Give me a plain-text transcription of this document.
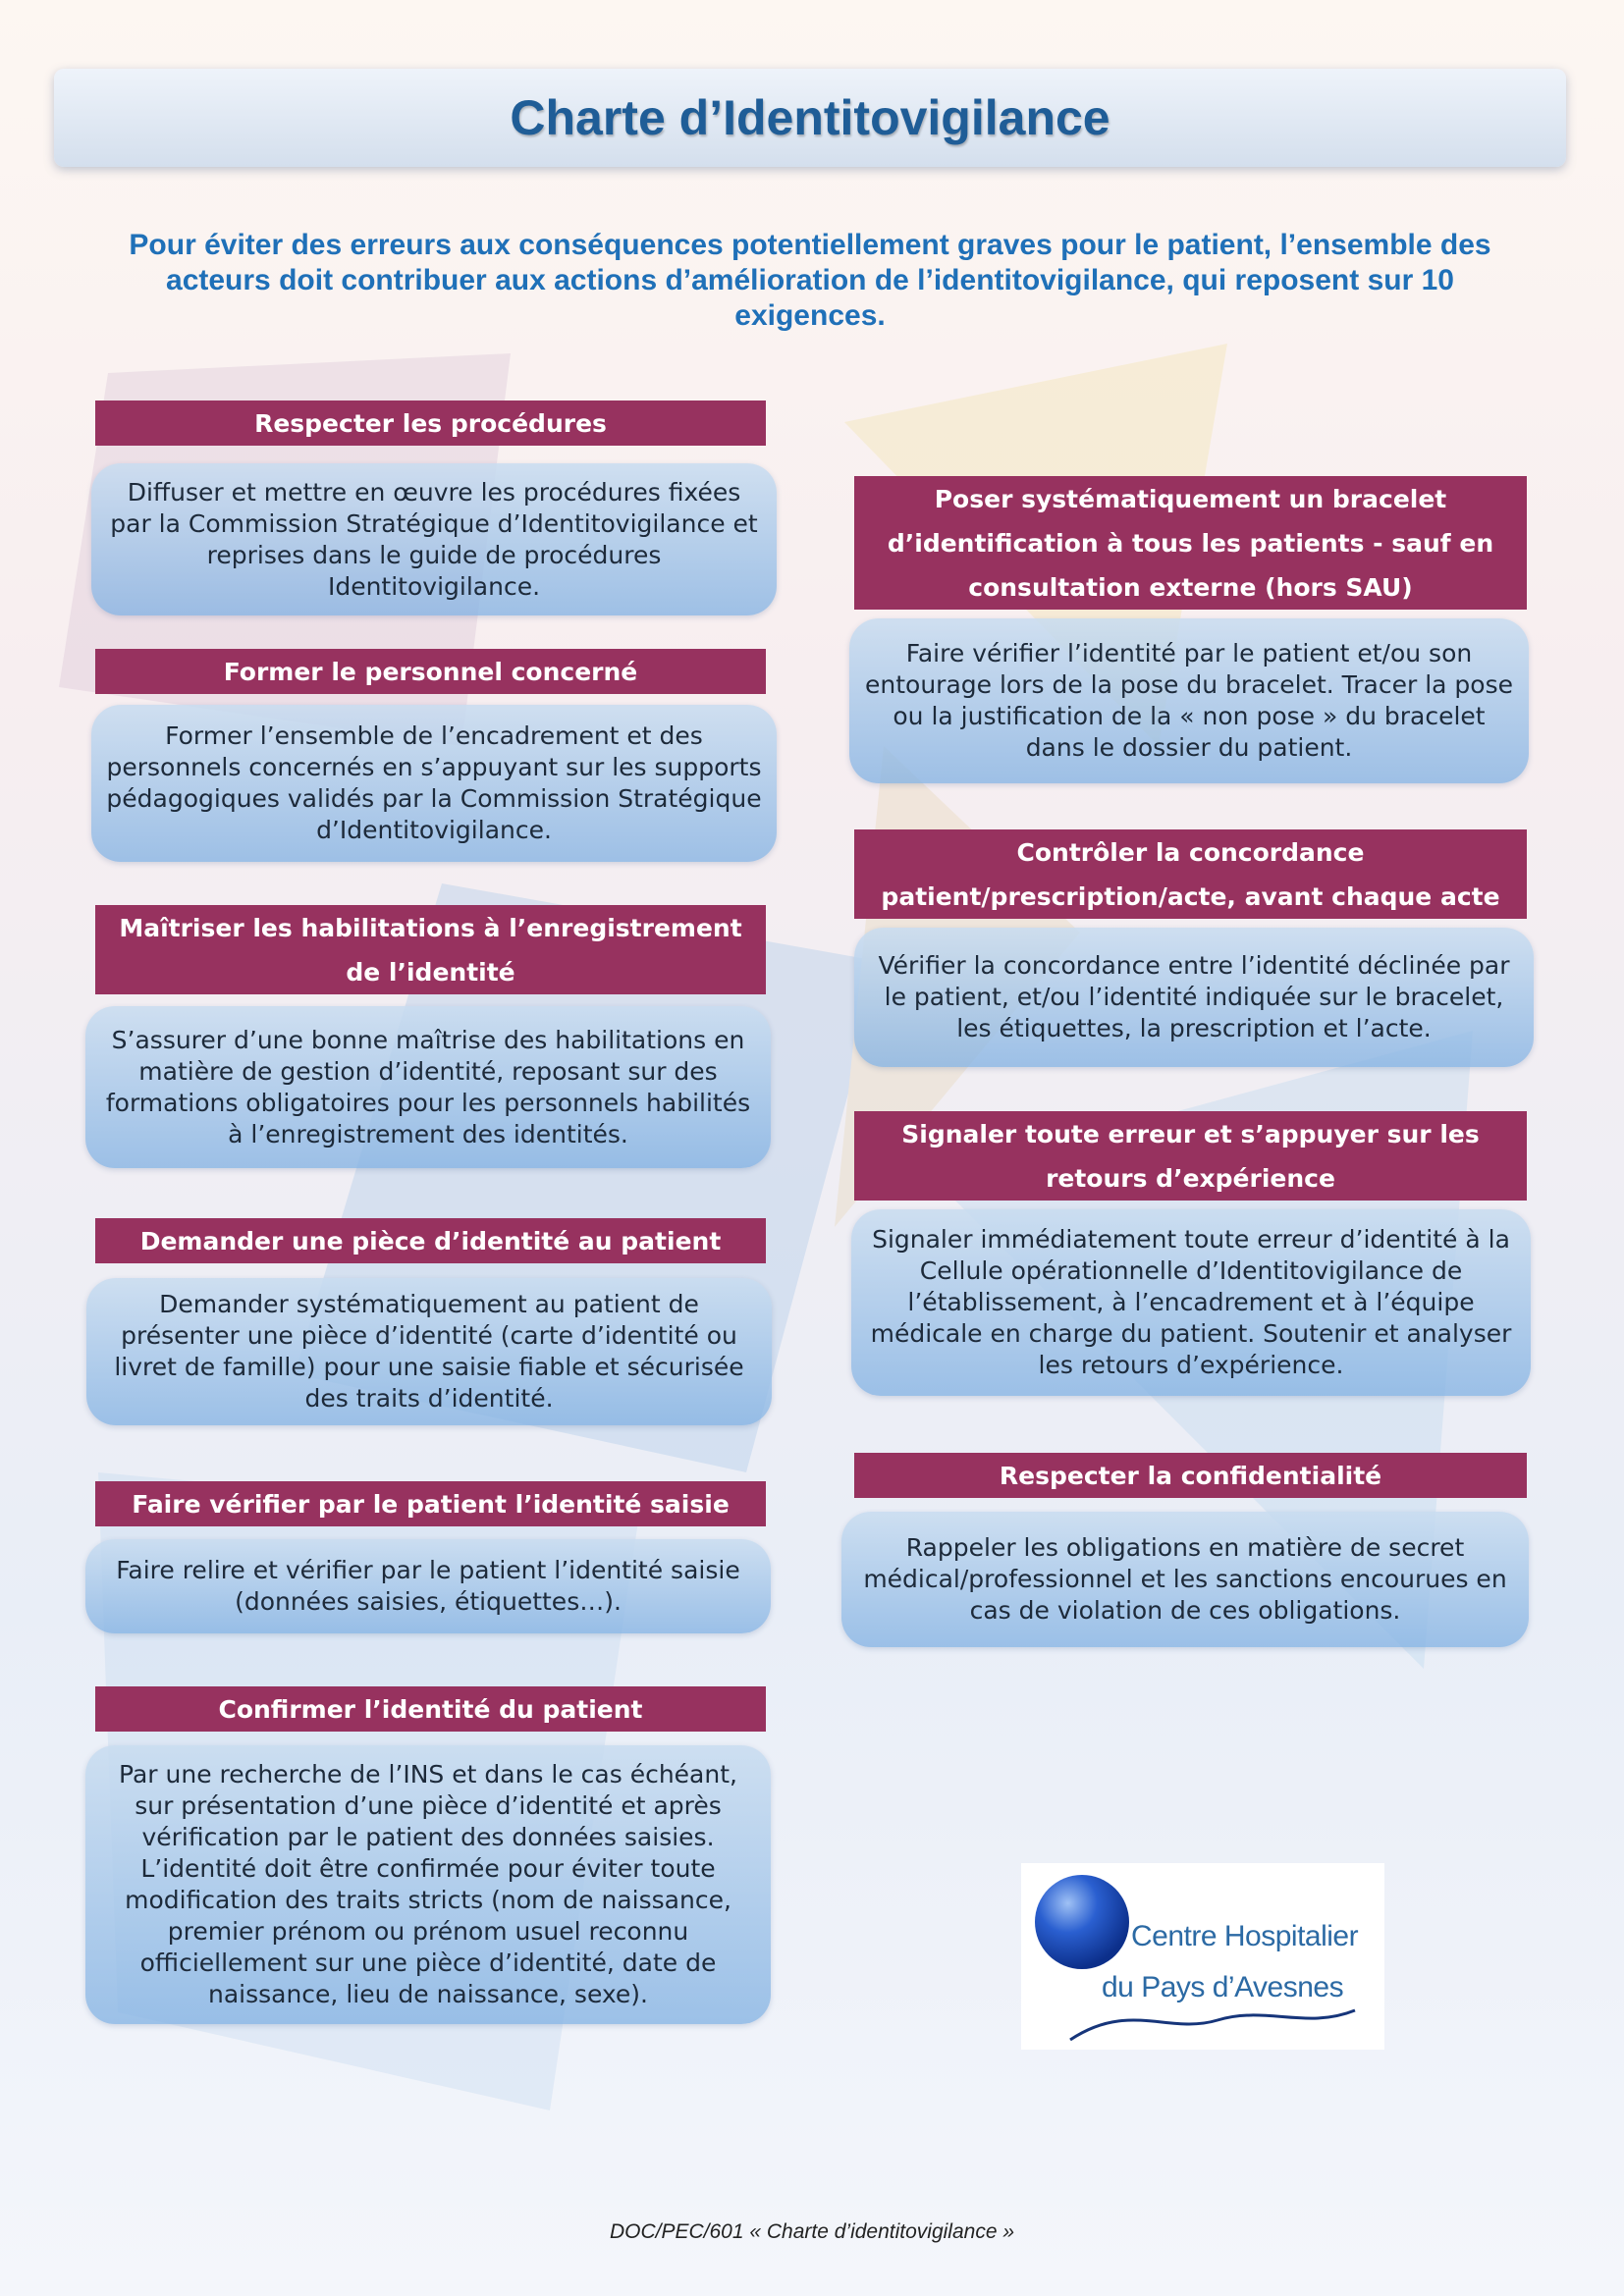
Charte d’Identitovigilance

Pour éviter des erreurs aux conséquences potentiellement graves pour le patient, l’ensemble des acteurs doit contribuer aux actions d’amélioration de l’identitovigilance, qui reposent sur 10 exigences.

Respecter les procédures
Diffuser et mettre en œuvre les procédures fixées par la Commission Stratégique d’Identitovigilance et reprises dans le guide de procédures Identitovigilance.
Former le personnel concerné
Former l’ensemble de l’encadrement et des personnels concernés en s’appuyant sur les supports pédagogiques validés par la Commission Stratégique d’Identitovigilance.
Maîtriser les habilitations à l’enregistrement de l’identité
S’assurer d’une bonne maîtrise des habilitations en matière de gestion d’identité, reposant sur des formations obligatoires pour les personnels habilités à l’enregistrement des identités.
Demander une pièce d’identité au patient
Demander systématiquement au patient de présenter une pièce d’identité (carte d’identité ou livret de famille) pour une saisie fiable et sécurisée des traits d’identité.
Faire vérifier par le patient l’identité saisie
Faire relire et vérifier par le patient l’identité saisie (données saisies, étiquettes…).
Confirmer l’identité du patient
Par une recherche de l’INS et dans le cas échéant, sur présentation d’une pièce d’identité et après vérification par le patient des données saisies. L’identité doit être confirmée pour éviter toute modification des traits stricts (nom de naissance, premier prénom ou prénom usuel reconnu officiellement sur une pièce d’identité, date de naissance, lieu de naissance, sexe).
Poser systématiquement un bracelet d’identification à tous les patients - sauf en consultation externe (hors SAU)
Faire vérifier l’identité par le patient et/ou son entourage lors de la pose du bracelet. Tracer la pose ou la justification de la « non pose » du bracelet dans le dossier du patient.
Contrôler la concordance patient/prescription/acte, avant chaque acte
Vérifier la concordance entre l’identité déclinée par le patient, et/ou l’identité indiquée sur le bracelet, les étiquettes, la prescription et l’acte.
Signaler toute erreur et s’appuyer sur les retours d’expérience
Signaler immédiatement toute erreur d’identité à la Cellule opérationnelle d’Identitovigilance de l’établissement, à l’encadrement et à l’équipe médicale en charge du patient. Soutenir et analyser les retours d’expérience.
Respecter la confidentialité
Rappeler les obligations en matière de secret médical/professionnel et les sanctions encourues en cas de violation de ces obligations.
Centre Hospitalier
du Pays d’Avesnes
DOC/PEC/601 « Charte d’identitovigilance »
